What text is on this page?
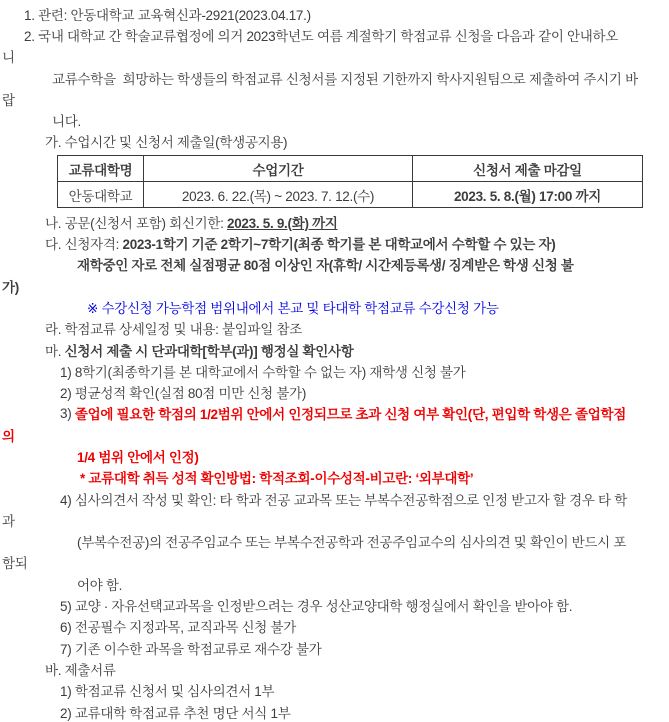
1. 관련: 안동대학교 교육혁신과-2921(2023.04.17.)
2. 국내 대학교 간 학술교류협정에 의거 2023학년도 여름 계절학기 학점교류 신청을 다음과 같이 안내하오
니
교류수학을  희망하는 학생들의 학점교류 신청서를 지정된 기한까지 학사지원팀으로 제출하여 주시기 바
랍
니다.
가. 수업시간 및 신청서 제출일(학생공지용)
교류대학명	수업기간	신청서 제출 마감일
안동대학교	2023. 6. 22.(목) ~ 2023. 7. 12.(수)	2023. 5. 8.(월) 17:00 까지
나. 공문(신청서 포함) 회신기한: 2023. 5. 9.(화) 까지
다. 신청자격: 2023-1학기 기준 2학기~7학기(최종 학기를 본 대학교에서 수학할 수 있는 자)
재학중인 자로 전체 실점평균 80점 이상인 자(휴학/ 시간제등록생/ 징계받은 학생 신청 불
가)
※ 수강신청 가능학점 범위내에서 본교 및 타대학 학점교류 수강신청 가능
라. 학점교류 상세일정 및 내용: 붙임파일 참조
마. 신청서 제출 시 단과대학[학부(과)] 행정실 확인사항
1) 8학기(최종학기를 본 대학교에서 수학할 수 없는 자) 재학생 신청 불가
2) 평균성적 확인(실점 80점 미만 신청 불가)
3) 졸업에 필요한 학점의 1/2범위 안에서 인정되므로 초과 신청 여부 확인(단, 편입학 학생은 졸업학점
의
1/4 범위 안에서 인정)
* 교류대학 취득 성적 확인방법: 학적조회-이수성적-비고란: ‘외부대학’
4) 심사의견서 작성 및 확인: 타 학과 전공 교과목 또는 부복수전공학점으로 인정 받고자 할 경우 타 학
과
(부복수전공)의 전공주임교수 또는 부복수전공학과 전공주임교수의 심사의견 및 확인이 반드시 포
함되
어야 함.
5) 교양 · 자유선택교과목을 인정받으려는 경우 성산교양대학 행정실에서 확인을 받아야 함.
6) 전공필수 지정과목, 교직과목 신청 불가
7) 기존 이수한 과목을 학점교류로 재수강 불가
바. 제출서류
1) 학점교류 신청서 및 심사의견서 1부
2) 교류대학 학점교류 추천 명단 서식 1부
